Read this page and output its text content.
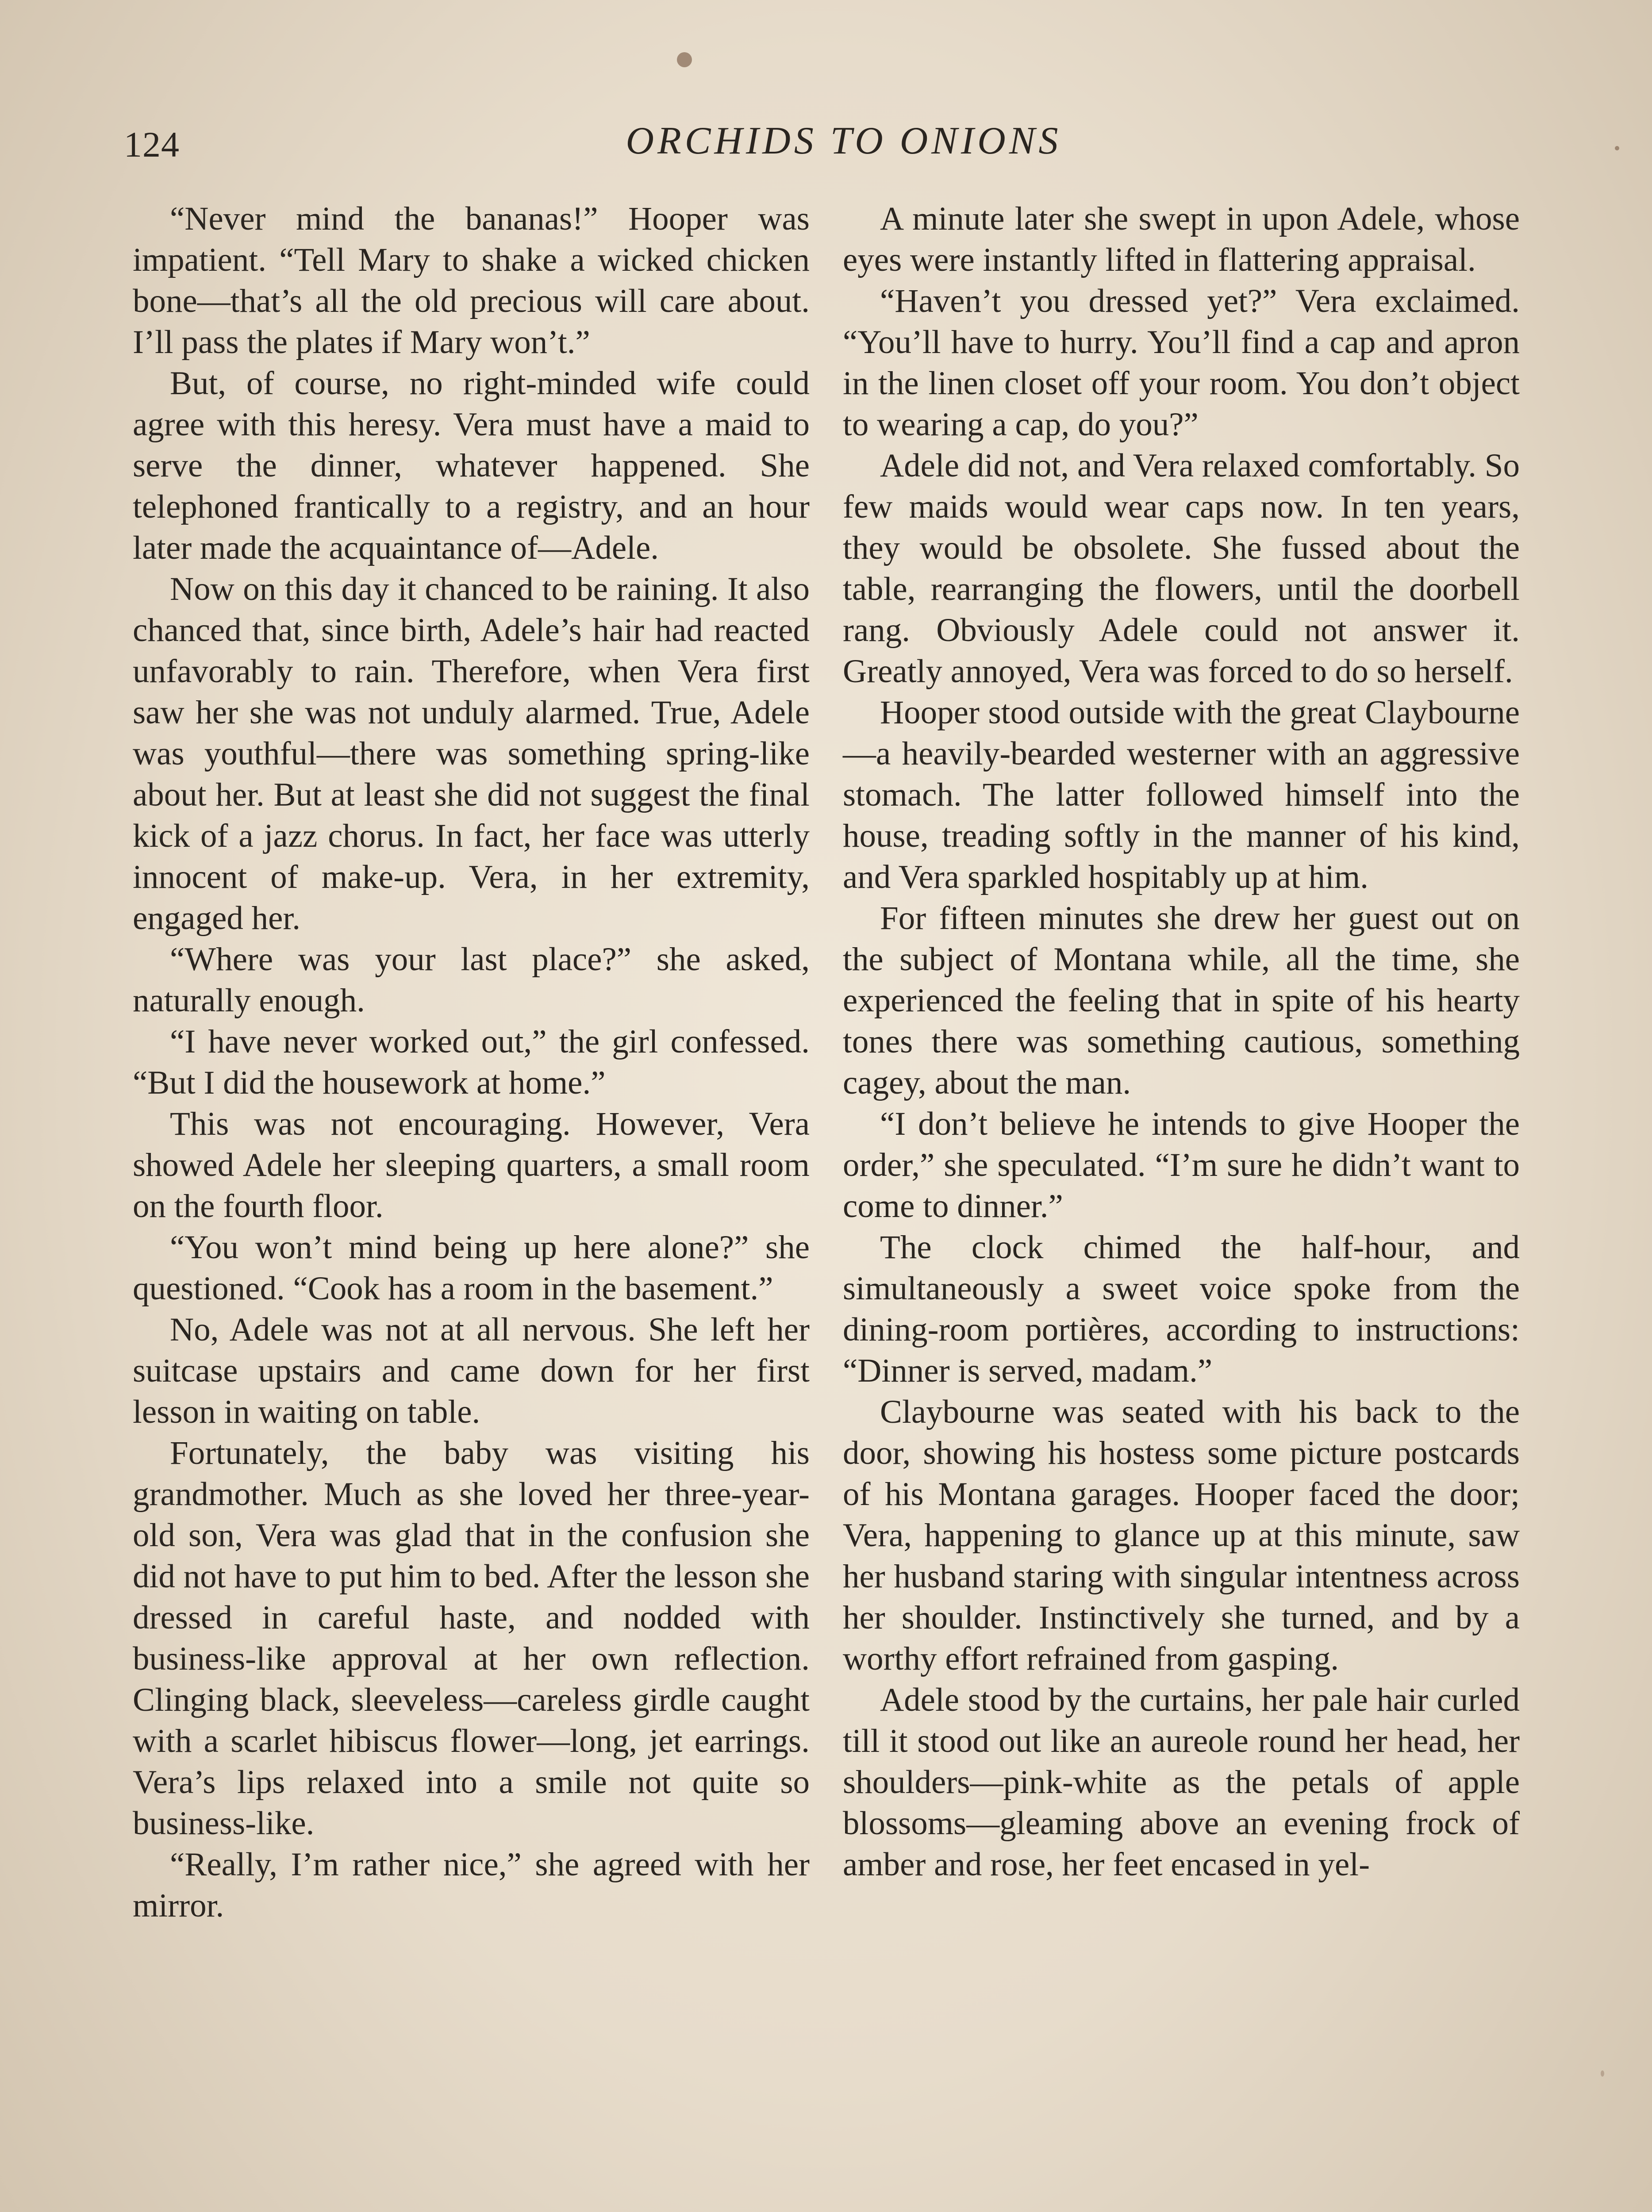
124	ORCHIDS TO ONIONS

“Never mind the bananas!” Hooper was impatient. “Tell Mary to shake a wicked chicken bone—that’s all the old precious will care about. I’ll pass the plates if Mary won’t.”

But, of course, no right-minded wife could agree with this heresy. Vera must have a maid to serve the dinner, whatever happened. She telephoned frantically to a registry, and an hour later made the acquaintance of—Adele.

Now on this day it chanced to be raining. It also chanced that, since birth, Adele’s hair had reacted unfavorably to rain. Therefore, when Vera first saw her she was not unduly alarmed. True, Adele was youthful—there was something spring-like about her. But at least she did not suggest the final kick of a jazz chorus. In fact, her face was utterly innocent of make-up. Vera, in her extremity, engaged her.

“Where was your last place?” she asked, naturally enough.

“I have never worked out,” the girl confessed. “But I did the housework at home.”

This was not encouraging. However, Vera showed Adele her sleeping quarters, a small room on the fourth floor.

“You won’t mind being up here alone?” she questioned. “Cook has a room in the basement.”

No, Adele was not at all nervous. She left her suitcase upstairs and came down for her first lesson in waiting on table.

Fortunately, the baby was visiting his grandmother. Much as she loved her three-year-old son, Vera was glad that in the confusion she did not have to put him to bed. After the lesson she dressed in careful haste, and nodded with business-like approval at her own reflection. Clinging black, sleeveless—careless girdle caught with a scarlet hibiscus flower—long, jet earrings. Vera’s lips relaxed into a smile not quite so business-like.

“Really, I’m rather nice,” she agreed with her mirror.

A minute later she swept in upon Adele, whose eyes were instantly lifted in flattering appraisal.

“Haven’t you dressed yet?” Vera exclaimed. “You’ll have to hurry. You’ll find a cap and apron in the linen closet off your room. You don’t object to wearing a cap, do you?”

Adele did not, and Vera relaxed comfortably. So few maids would wear caps now. In ten years, they would be obsolete. She fussed about the table, rearranging the flowers, until the doorbell rang. Obviously Adele could not answer it. Greatly annoyed, Vera was forced to do so herself.

Hooper stood outside with the great Claybourne—a heavily-bearded westerner with an aggressive stomach. The latter followed himself into the house, treading softly in the manner of his kind, and Vera sparkled hospitably up at him.

For fifteen minutes she drew her guest out on the subject of Montana while, all the time, she experienced the feeling that in spite of his hearty tones there was something cautious, something cagey, about the man.

“I don’t believe he intends to give Hooper the order,” she speculated. “I’m sure he didn’t want to come to dinner.”

The clock chimed the half-hour, and simultaneously a sweet voice spoke from the dining-room portières, according to instructions: “Dinner is served, madam.”

Claybourne was seated with his back to the door, showing his hostess some picture postcards of his Montana garages. Hooper faced the door; Vera, happening to glance up at this minute, saw her husband staring with singular intentness across her shoulder. Instinctively she turned, and by a worthy effort refrained from gasping.

Adele stood by the curtains, her pale hair curled till it stood out like an aureole round her head, her shoulders—pink-white as the petals of apple blossoms—gleaming above an evening frock of amber and rose, her feet encased in yel-
